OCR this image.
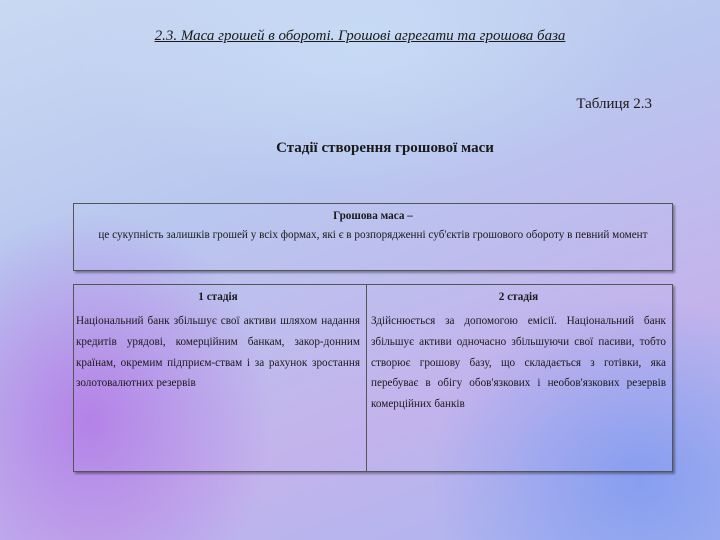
2.3. Маса грошей в обороті. Грошові агрегати та грошова база
Таблиця 2.3
Стадії створення грошової маси
Грошова маса –
це сукупність залишків грошей у всіх формах, які є в розпорядженні суб'єктів грошового обороту в певний момент
1 стадія
Національний банк збільшує свої активи шляхом надання кредитів урядові, комерційним банкам, закор-донним країнам, окремим підприєм-ствам і за рахунок зростання золотовалютних резервів
2 стадія
Здійснюється за допомогою емісії. Національний банк збільшує активи одночасно збільшуючи свої пасиви, тобто створює грошову базу, що складається з готівки, яка перебуває в обігу обов'язкових і необов'язкових резервів комерційних банків
